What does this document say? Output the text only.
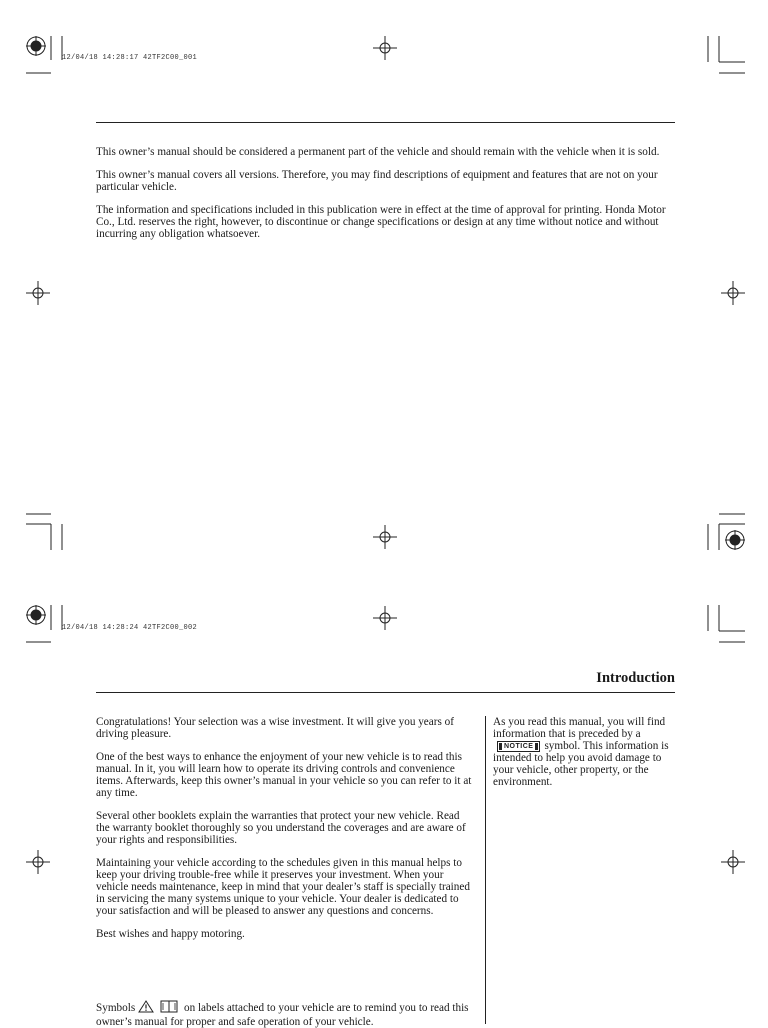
12/04/18 14:28:17 42TF2C00_001

This owner’s manual should be considered a permanent part of the vehicle and should remain with the vehicle when it is sold.

This owner’s manual covers all versions. Therefore, you may find descriptions of equipment and features that are not on your particular vehicle.

The information and specifications included in this publication were in effect at the time of approval for printing. Honda Motor Co., Ltd. reserves the right, however, to discontinue or change specifications or design at any time without notice and without incurring any obligation whatsoever.

12/04/18 14:28:24 42TF2C00_002
Introduction

Congratulations! Your selection was a wise investment. It will give you years of driving pleasure.

One of the best ways to enhance the enjoyment of your new vehicle is to read this manual. In it, you will learn how to operate its driving controls and convenience items. Afterwards, keep this owner’s manual in your vehicle so you can refer to it at any time.

Several other booklets explain the warranties that protect your new vehicle. Read the warranty booklet thoroughly so you understand the coverages and are aware of your rights and responsibilities.

Maintaining your vehicle according to the schedules given in this manual helps to keep your driving trouble-free while it preserves your investment. When your vehicle needs maintenance, keep in mind that your dealer’s staff is specially trained in servicing the many systems unique to your vehicle. Your dealer is dedicated to your satisfaction and will be pleased to answer any questions and concerns.

Best wishes and happy motoring.

Symbols	on labels attached to your vehicle are to remind you to read this owner’s manual for proper and safe operation of your vehicle.

As you read this manual, you will find information that is preceded by aNOTICE symbol. This information is intended to help you avoid damage to your vehicle, other property, or the environment.
